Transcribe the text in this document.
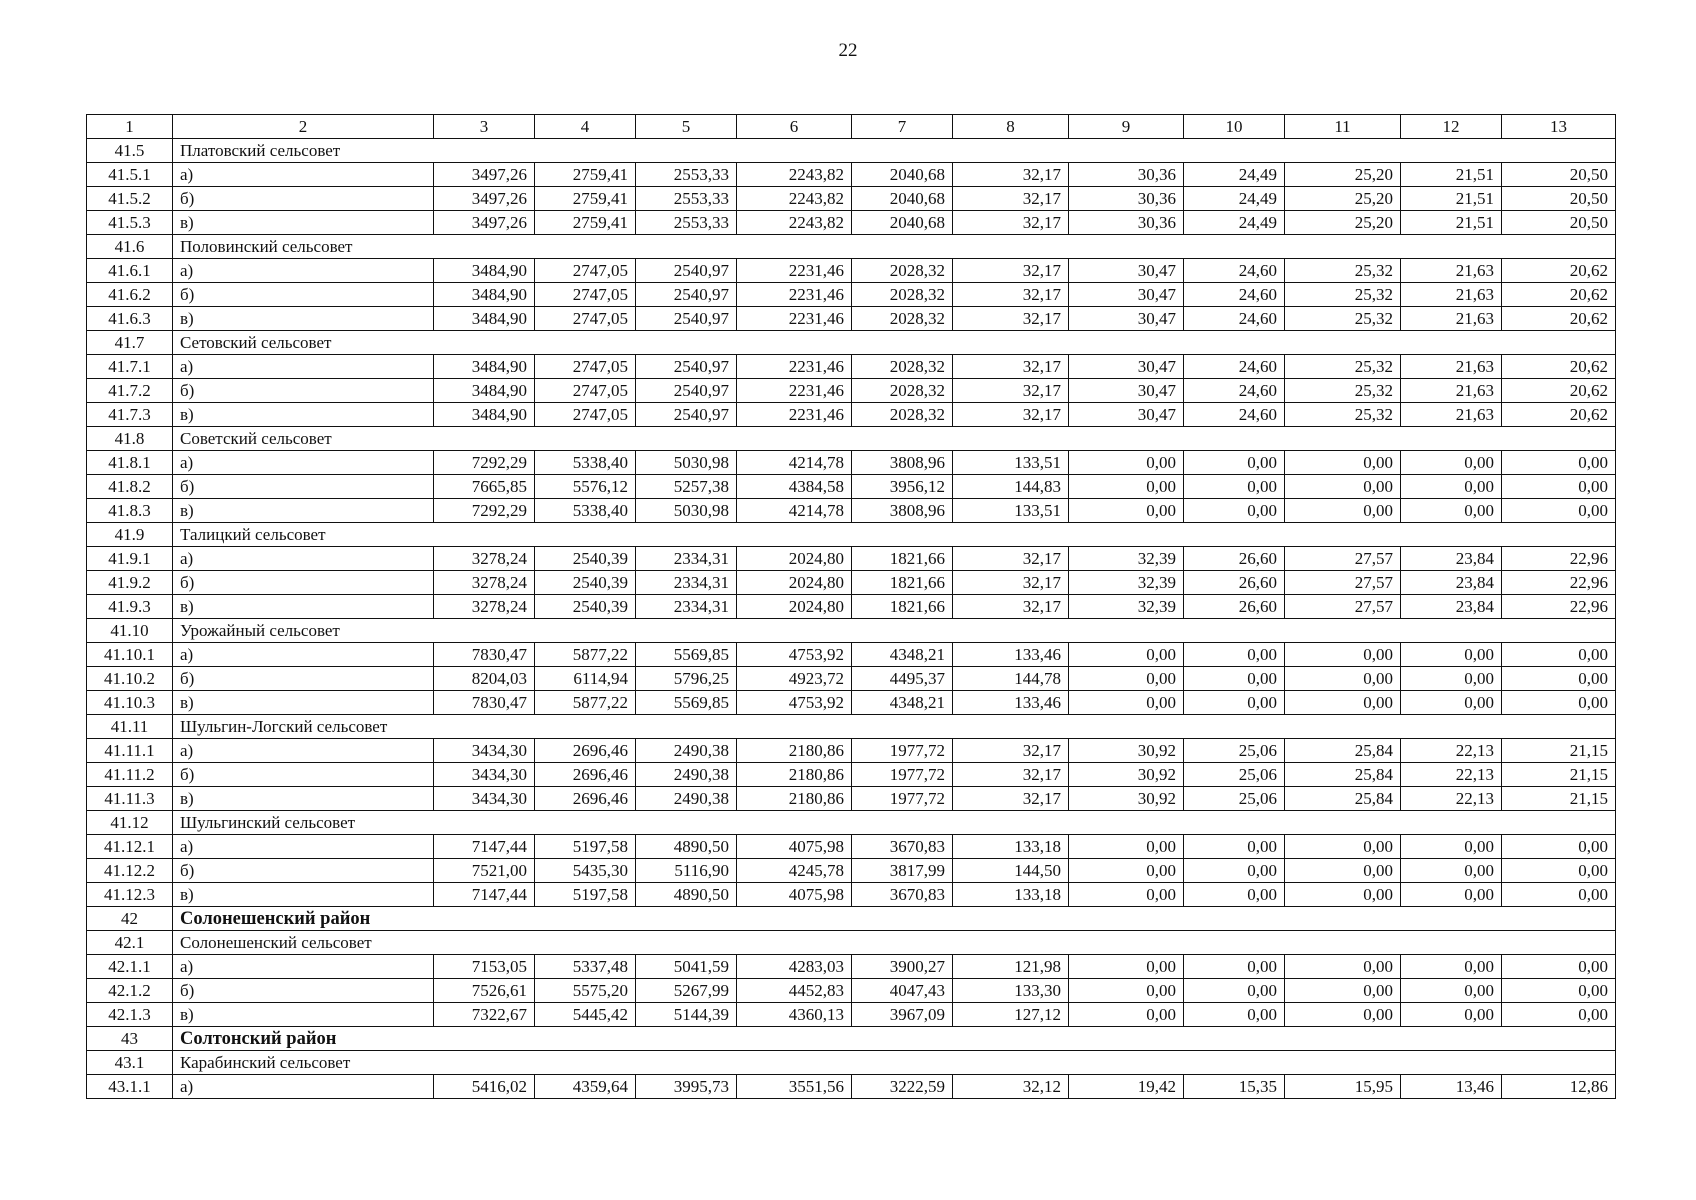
22
1	2	3	4	5	6	7	8	9	10	11	12	13
41.5	Платовский сельсовет											
41.5.1	а)	3497,26	2759,41	2553,33	2243,82	2040,68	32,17	30,36	24,49	25,20	21,51	20,50
41.5.2	б)	3497,26	2759,41	2553,33	2243,82	2040,68	32,17	30,36	24,49	25,20	21,51	20,50
41.5.3	в)	3497,26	2759,41	2553,33	2243,82	2040,68	32,17	30,36	24,49	25,20	21,51	20,50
41.6	Половинский сельсовет											
41.6.1	а)	3484,90	2747,05	2540,97	2231,46	2028,32	32,17	30,47	24,60	25,32	21,63	20,62
41.6.2	б)	3484,90	2747,05	2540,97	2231,46	2028,32	32,17	30,47	24,60	25,32	21,63	20,62
41.6.3	в)	3484,90	2747,05	2540,97	2231,46	2028,32	32,17	30,47	24,60	25,32	21,63	20,62
41.7	Сетовский сельсовет											
41.7.1	а)	3484,90	2747,05	2540,97	2231,46	2028,32	32,17	30,47	24,60	25,32	21,63	20,62
41.7.2	б)	3484,90	2747,05	2540,97	2231,46	2028,32	32,17	30,47	24,60	25,32	21,63	20,62
41.7.3	в)	3484,90	2747,05	2540,97	2231,46	2028,32	32,17	30,47	24,60	25,32	21,63	20,62
41.8	Советский сельсовет											
41.8.1	а)	7292,29	5338,40	5030,98	4214,78	3808,96	133,51	0,00	0,00	0,00	0,00	0,00
41.8.2	б)	7665,85	5576,12	5257,38	4384,58	3956,12	144,83	0,00	0,00	0,00	0,00	0,00
41.8.3	в)	7292,29	5338,40	5030,98	4214,78	3808,96	133,51	0,00	0,00	0,00	0,00	0,00
41.9	Талицкий сельсовет											
41.9.1	а)	3278,24	2540,39	2334,31	2024,80	1821,66	32,17	32,39	26,60	27,57	23,84	22,96
41.9.2	б)	3278,24	2540,39	2334,31	2024,80	1821,66	32,17	32,39	26,60	27,57	23,84	22,96
41.9.3	в)	3278,24	2540,39	2334,31	2024,80	1821,66	32,17	32,39	26,60	27,57	23,84	22,96
41.10	Урожайный сельсовет											
41.10.1	а)	7830,47	5877,22	5569,85	4753,92	4348,21	133,46	0,00	0,00	0,00	0,00	0,00
41.10.2	б)	8204,03	6114,94	5796,25	4923,72	4495,37	144,78	0,00	0,00	0,00	0,00	0,00
41.10.3	в)	7830,47	5877,22	5569,85	4753,92	4348,21	133,46	0,00	0,00	0,00	0,00	0,00
41.11	Шульгин-Логский сельсовет											
41.11.1	а)	3434,30	2696,46	2490,38	2180,86	1977,72	32,17	30,92	25,06	25,84	22,13	21,15
41.11.2	б)	3434,30	2696,46	2490,38	2180,86	1977,72	32,17	30,92	25,06	25,84	22,13	21,15
41.11.3	в)	3434,30	2696,46	2490,38	2180,86	1977,72	32,17	30,92	25,06	25,84	22,13	21,15
41.12	Шульгинский сельсовет											
41.12.1	а)	7147,44	5197,58	4890,50	4075,98	3670,83	133,18	0,00	0,00	0,00	0,00	0,00
41.12.2	б)	7521,00	5435,30	5116,90	4245,78	3817,99	144,50	0,00	0,00	0,00	0,00	0,00
41.12.3	в)	7147,44	5197,58	4890,50	4075,98	3670,83	133,18	0,00	0,00	0,00	0,00	0,00
42	Солонешенский район											
42.1	Солонешенский сельсовет											
42.1.1	а)	7153,05	5337,48	5041,59	4283,03	3900,27	121,98	0,00	0,00	0,00	0,00	0,00
42.1.2	б)	7526,61	5575,20	5267,99	4452,83	4047,43	133,30	0,00	0,00	0,00	0,00	0,00
42.1.3	в)	7322,67	5445,42	5144,39	4360,13	3967,09	127,12	0,00	0,00	0,00	0,00	0,00
43	Солтонский район											
43.1	Карабинский сельсовет											
43.1.1	а)	5416,02	4359,64	3995,73	3551,56	3222,59	32,12	19,42	15,35	15,95	13,46	12,86
